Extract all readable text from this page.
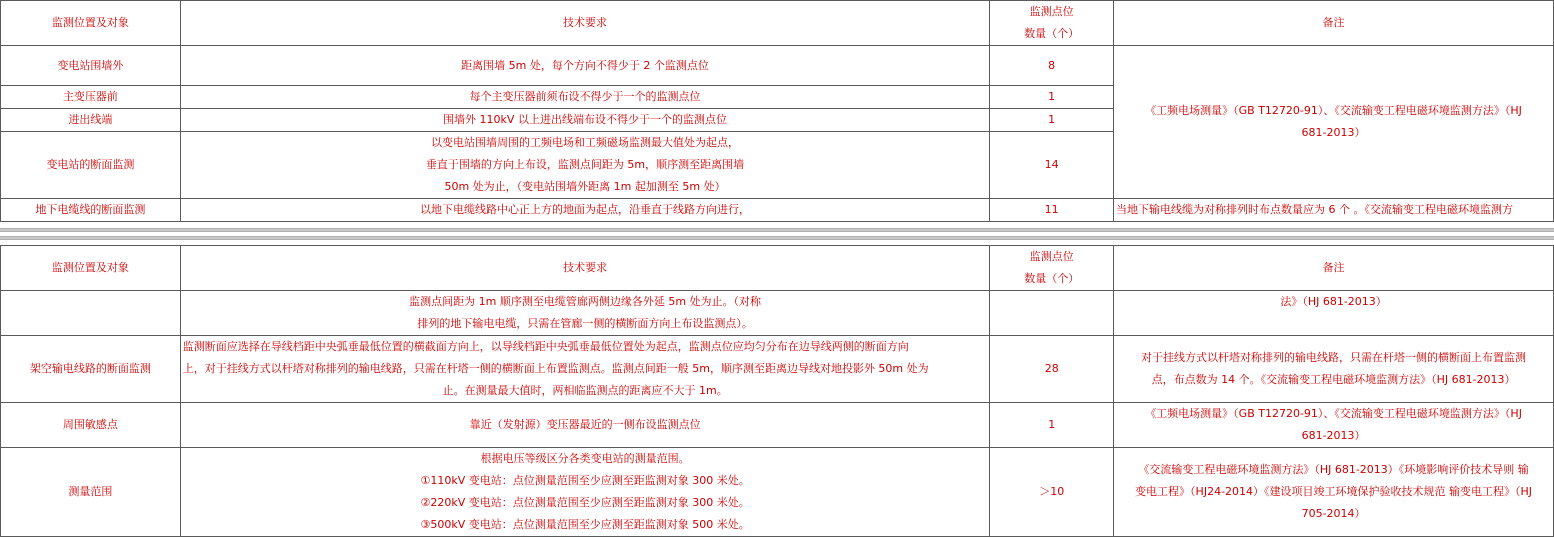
监测位置及对象	技术要求	监测点位
数量（个）	备注
变电站围墙外	距离围墙 5m 处，每个方向不得少于 2 个监测点位	8	《工频电场测量》（GB T12720-91）、《交流输变工程电磁环境监测方法》（HJ
681-2013）

主变压器前	每个主变压器前须布设不得少于一个的监测点位	1	
进出线端	围墙外 110kV 以上进出线端布设不得少于一个的监测点位	1	
变电站的断面监测	以变电站围墙周围的工频电场和工频磁场监测最大值处为起点，
垂直于围墙的方向上布设，监测点间距为 5m，顺序测至距离围墙
50m 处为止，（变电站围墙外距离 1m 起加测至 5m 处）	14	
地下电缆线的断面监测	以地下电缆线路中心正上方的地面为起点，沿垂直于线路方向进行，	11	当地下输电线缆为对称排列时布点数量应为 6 个 。《交流输变工程电磁环境监测方
监测位置及对象	技术要求	监测点位
数量（个）	备注

	监测点间距为 1m 顺序测至电缆管廊两侧边缘各外延 5m 处为止。（对称
排列的地下输电电缆，只需在管廊一侧的横断面方向上布设监测点）。		法》（HJ 681-2013）

架空输电线路的断面监测	监测断面应选择在导线档距中央弧垂最低位置的横截面方向上，以导线档距中央弧垂最低位置处为起点，监测点位应均匀分布在边导线两侧的断面方向
上，对于挂线方式以杆塔对称排列的输电线路，只需在杆塔一侧的横断面上布置监测点。监测点间距一般 5m，顺序测至距离边导线对地投影外 50m 处为
止。在测量最大值时，两相临监测点的距离应不大于 1m。	28	对于挂线方式以杆塔对称排列的输电线路，只需在杆塔一侧的横断面上布置监测
点，布点数为 14 个。《交流输变工程电磁环境监测方法》（HJ 681-2013）

周围敏感点	靠近（发射源）变压器最近的一侧布设监测点位	1	《工频电场测量》（GB T12720-91）、《交流输变工程电磁环境监测方法》（HJ
681-2013）

测量范围	根据电压等级区分各类变电站的测量范围。
①110kV 变电站：点位测量范围至少应测至距监测对象 300 米处。
②220kV 变电站：点位测量范围至少应测至距监测对象 300 米处。
③500kV 变电站：点位测量范围至少应测至距监测对象 500 米处。	＞10	《交流输变工程电磁环境监测方法》（HJ 681-2013）《环境影响评价技术导则 输
变电工程》（HJ24-2014）《建设项目竣工环境保护验收技术规范 输变电工程》（HJ
705-2014）
